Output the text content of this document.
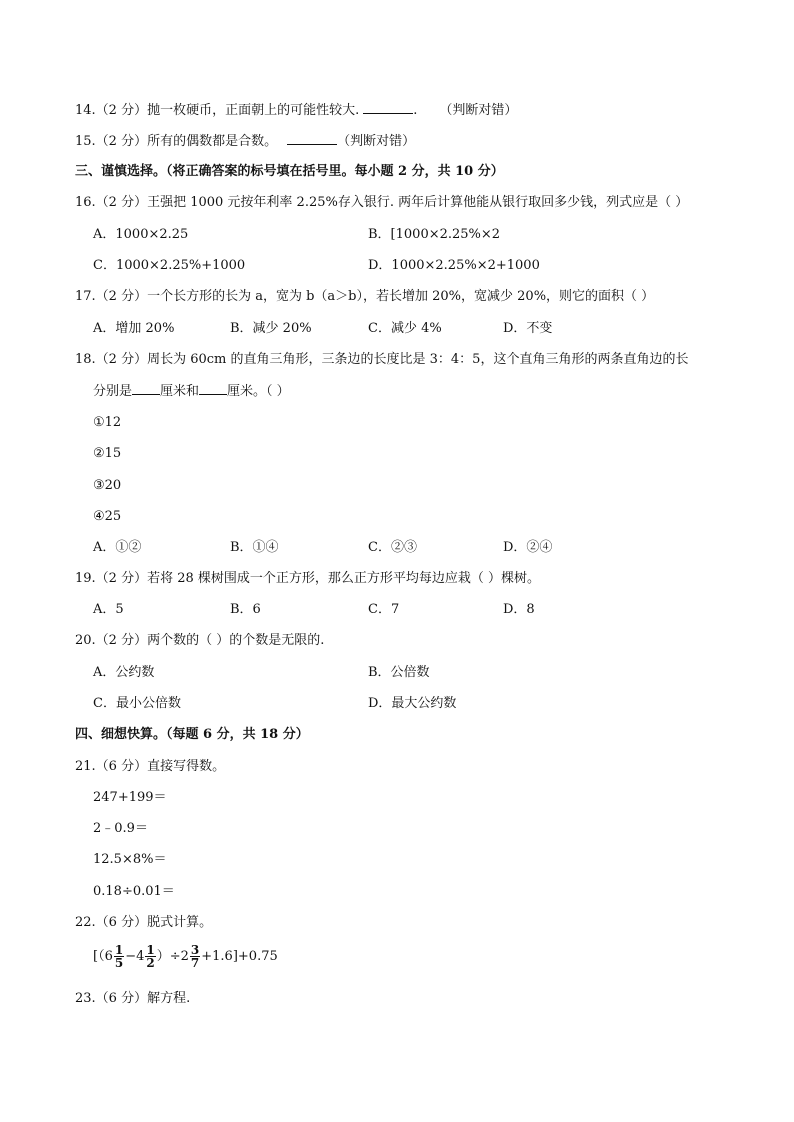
14.（2 分）抛一枚硬币，正面朝上的可能性较大.	. （判断对错）
15.（2 分）所有的偶数都是合数。	（判断对错）
三、谨慎选择。（将正确答案的标号填在括号里。每小题 2 分，共 10 分）
16.（2 分）王强把 1000 元按年利率 2.25%存入银行. 两年后计算他能从银行取回多少钱，列式应是（ ）
A．1000×2.25	B．[1000×2.25%×2
C．1000×2.25%+1000	D．1000×2.25%×2+1000
17.（2 分）一个长方形的长为 a，宽为 b（a＞b），若长增加 20%，宽减少 20%，则它的面积（ ）
A．增加 20%	B．减少 20%	C．减少 4%	D．不变
18.（2 分）周长为 60cm 的直角三角形，三条边的长度比是 3：4：5，这个直角三角形的两条直角边的长
分别是 厘米和 厘米。（ ）
①12
②15
③20
④25
A．①②	B．①④	C．②③	D．②④
19.（2 分）若将 28 棵树围成一个正方形，那么正方形平均每边应栽（ ）棵树。
A．5	B．6	C．7	D．8
20.（2 分）两个数的（ ）的个数是无限的.
A．公约数	B．公倍数
C．最小公倍数	D．最大公约数
四、细想快算。（每题 6 分，共 18 分）
21.（6 分）直接写得数。
247+199＝
2﹣0.9＝
12.5×8%＝
0.18÷0.01＝
22.（6 分）脱式计算。
$[(6 \frac{1}{5} -4 \frac{1}{2} )\div 2 \frac{3}{7} +1.6]+0.75$
23.（6 分）解方程.
